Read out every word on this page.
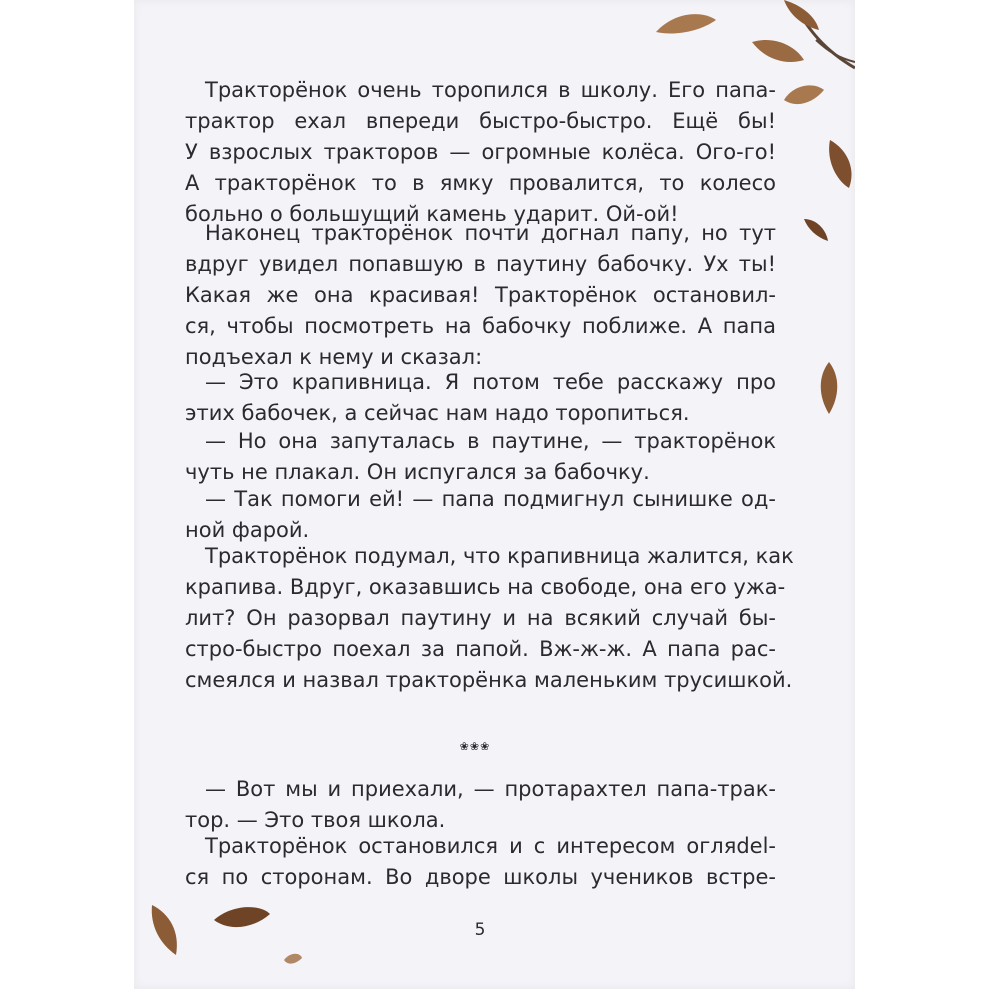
Тракторёнок очень торопился в школу. Его папа-
трактор ехал впереди быстро-быстро. Ещё бы!
У взрослых тракторов — огромные колёса. Ого-го!
А тракторёнок то в ямку провалится, то колесо
больно о большущий камень ударит. Ой-ой!
Наконец тракторёнок почти догнал папу, но тут
вдруг увидел попавшую в паутину бабочку. Ух ты!
Какая же она красивая! Тракторёнок остановил-
ся, чтобы посмотреть на бабочку поближе. А папа
подъехал к нему и сказал:
— Это крапивница. Я потом тебе расскажу про
этих бабочек, а сейчас нам надо торопиться.
— Но она запуталась в паутине, — тракторёнок
чуть не плакал. Он испугался за бабочку.
— Так помоги ей! — папа подмигнул сынишке од-
ной фарой.
Тракторёнок подумал, что крапивница жалится, как
крапива. Вдруг, оказавшись на свободе, она его ужа-
лит? Он разорвал паутину и на всякий случай бы-
стро-быстро поехал за папой. Вж-ж-ж. А папа рас-
смеялся и назвал тракторёнка маленьким трусишкой.
❀❀❀
— Вот мы и приехали, — протарахтел папа-трак-
тор. — Это твоя школа.
Тракторёнок остановился и с интересом огляdel-
ся по сторонам. Во дворе школы учеников встре-
5
